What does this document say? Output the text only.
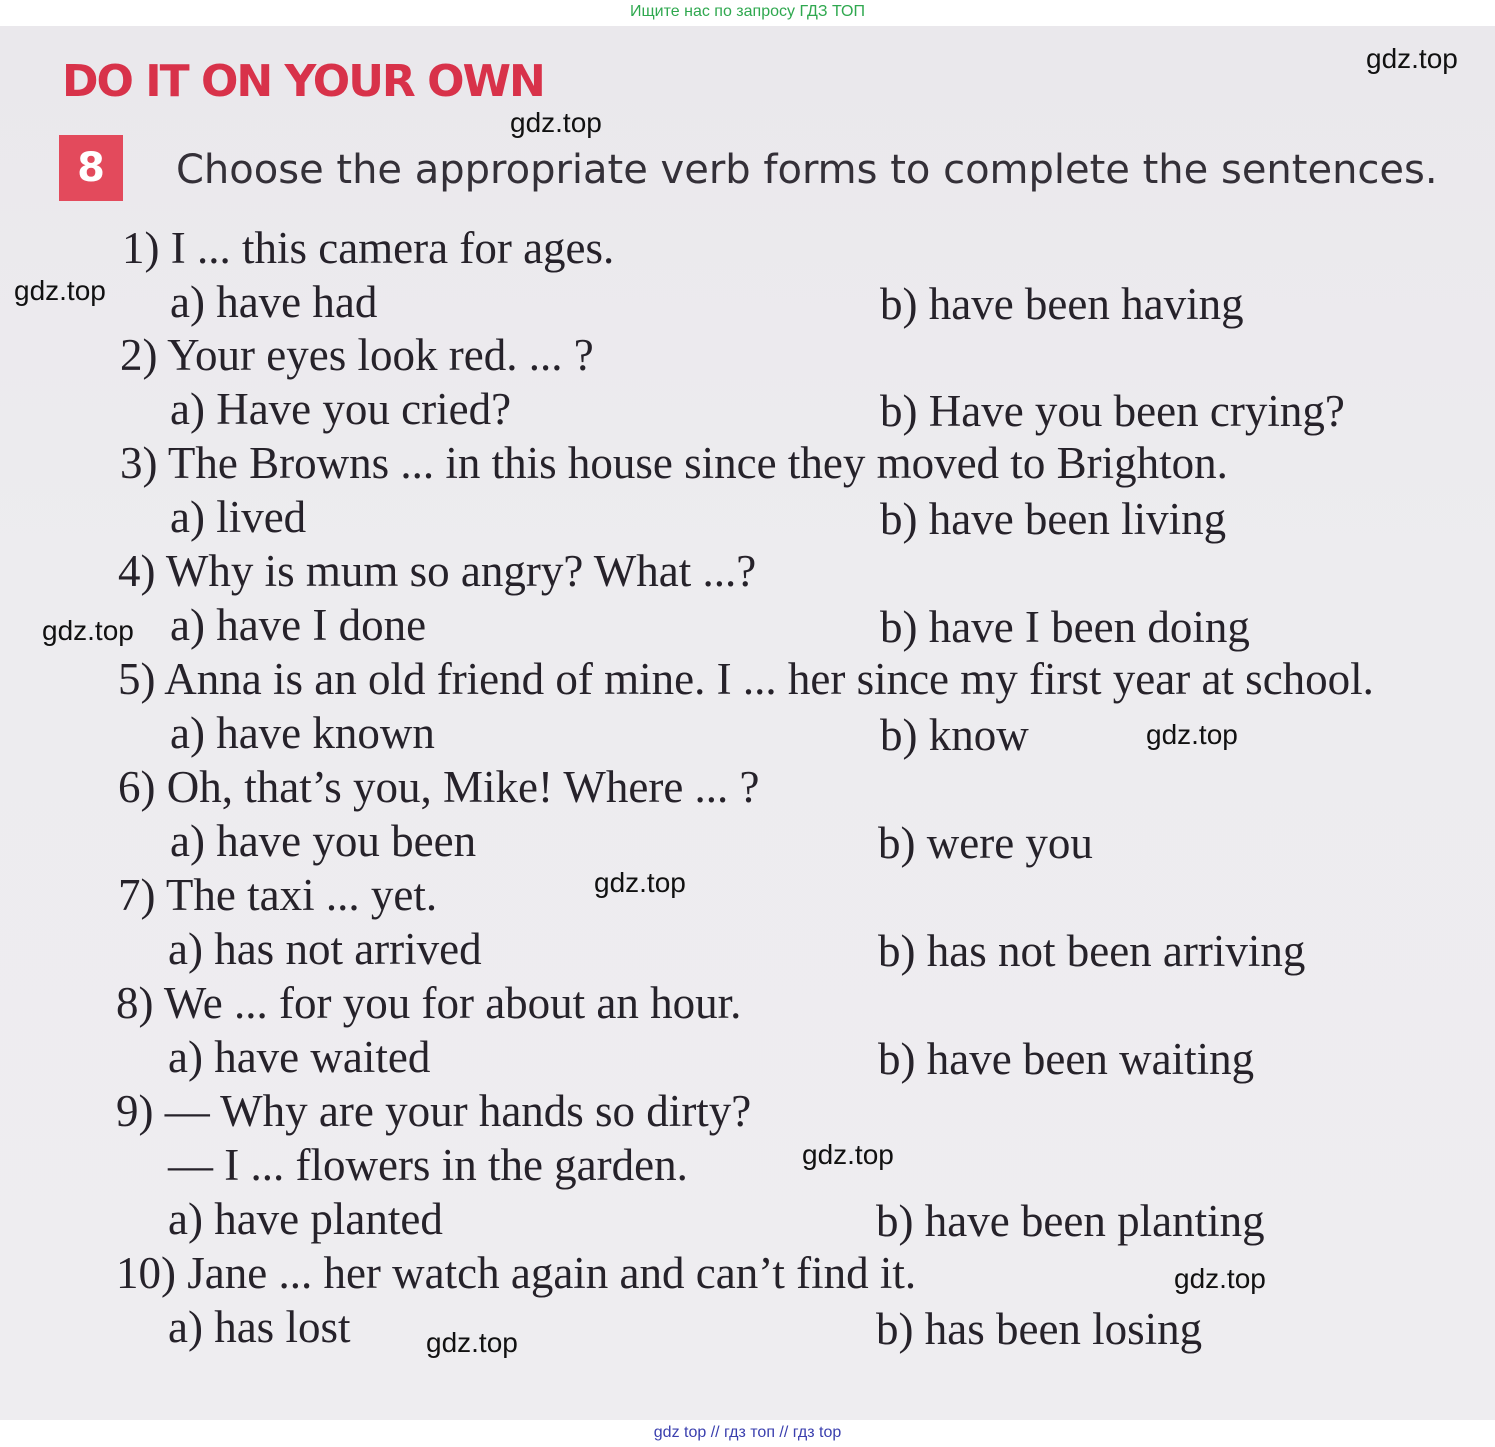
Ищите нас по запросу ГДЗ ТОП
DO IT ON YOUR OWN
8	Choose the appropriate verb forms to complete the sentences.
1) I ... this camera for ages.
a) have had	b) have been having
2) Your eyes look red. ... ?
a) Have you cried?	b) Have you been crying?
3) The Browns ... in this house since they moved to Brighton.
a) lived	b) have been living
4) Why is mum so angry? What ...?
a) have I done	b) have I been doing
5) Anna is an old friend of mine. I ... her since my first year at school.
a) have known	b) know
6) Oh, that’s you, Mike! Where ... ?
a) have you been	b) were you
7) The taxi ... yet.
a) has not arrived	b) has not been arriving
8) We ... for you for about an hour.
a) have waited	b) have been waiting
9) — Why are your hands so dirty?
— I ... flowers in the garden.
a) have planted	b) have been planting
10) Jane ... her watch again and can’t find it.
a) has lost	b) has been losing
gdz.top
gdz.top
gdz.top
gdz.top
gdz.top
gdz.top
gdz.top
gdz.top
gdz.top
gdz top // гдз топ // гдз top
